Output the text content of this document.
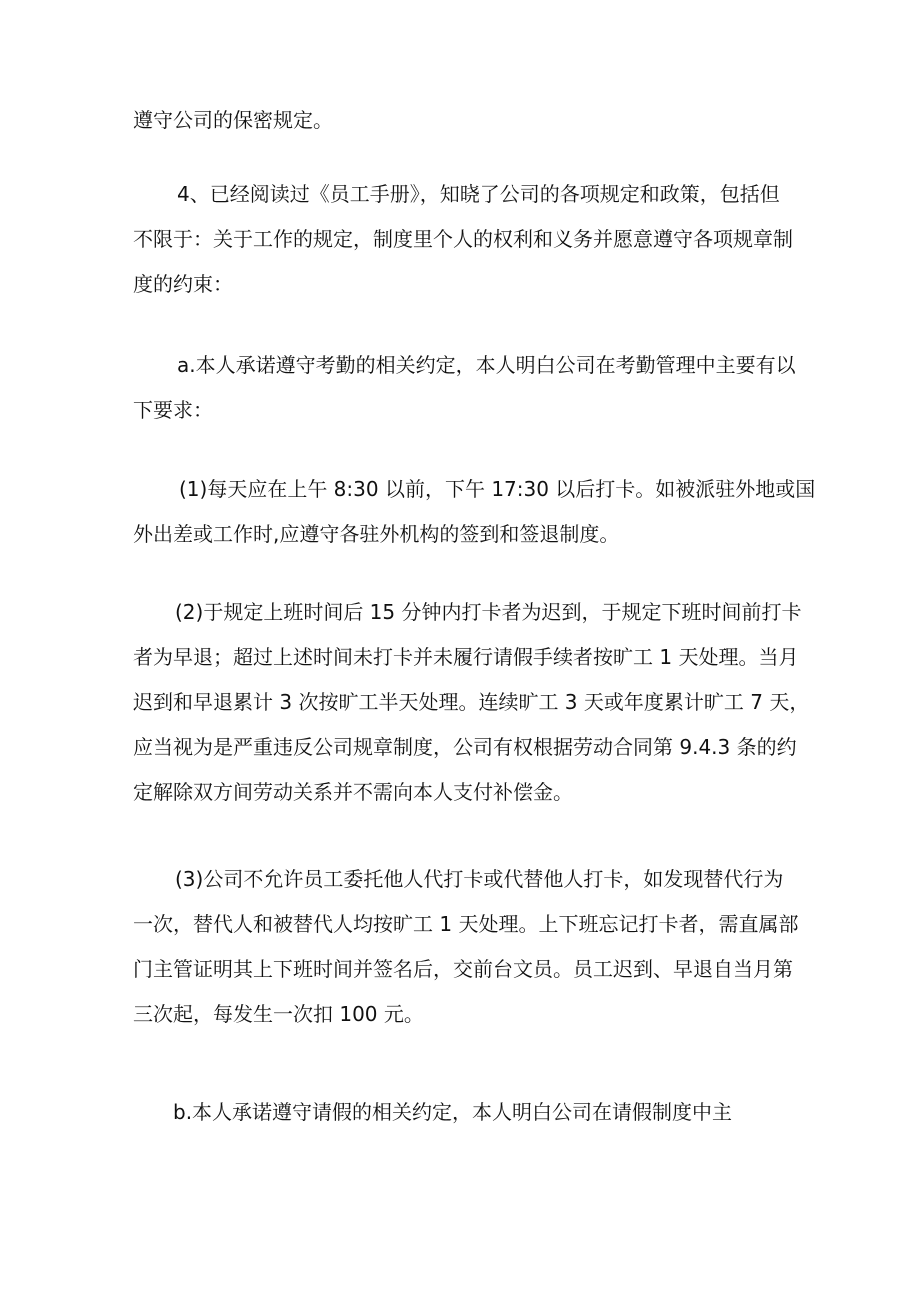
遵守公司的保密规定。
4、已经阅读过《员工手册》，知晓了公司的各项规定和政策，包括但
不限于：关于工作的规定，制度里个人的权利和义务并愿意遵守各项规章制
度的约束：
a.本人承诺遵守考勤的相关约定，本人明白公司在考勤管理中主要有以
下要求：
(1)每天应在上午 8:30 以前，下午 17:30 以后打卡。如被派驻外地或国
外出差或工作时,应遵守各驻外机构的签到和签退制度。
(2)于规定上班时间后 15 分钟内打卡者为迟到，于规定下班时间前打卡
者为早退；超过上述时间未打卡并未履行请假手续者按旷工 1 天处理。当月
迟到和早退累计 3 次按旷工半天处理。连续旷工 3 天或年度累计旷工 7 天，
应当视为是严重违反公司规章制度，公司有权根据劳动合同第 9.4.3 条的约
定解除双方间劳动关系并不需向本人支付补偿金。
(3)公司不允许员工委托他人代打卡或代替他人打卡，如发现替代行为
一次，替代人和被替代人均按旷工 1 天处理。上下班忘记打卡者，需直属部
门主管证明其上下班时间并签名后，交前台文员。员工迟到、早退自当月第
三次起，每发生一次扣 100 元。
b.本人承诺遵守请假的相关约定，本人明白公司在请假制度中主
